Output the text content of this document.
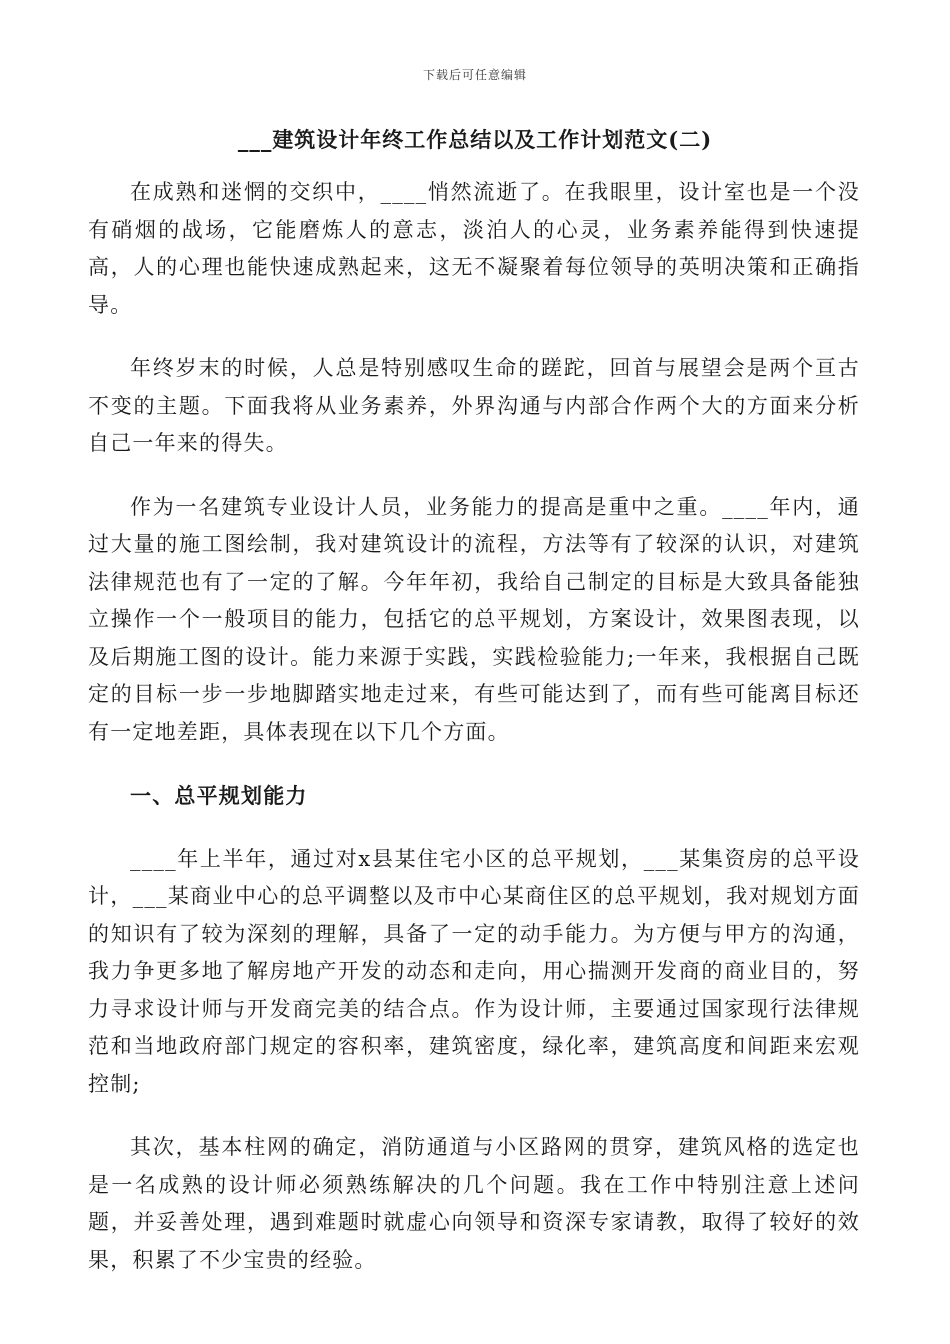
下载后可任意编辑
___建筑设计年终工作总结以及工作计划范文(二)

在成熟和迷惘的交织中，____悄然流逝了。在我眼里，设计室也是一个没有硝烟的战场，它能磨炼人的意志，淡泊人的心灵，业务素养能得到快速提高，人的心理也能快速成熟起来，这无不凝聚着每位领导的英明决策和正确指导。

年终岁末的时候，人总是特别感叹生命的蹉跎，回首与展望会是两个亘古不变的主题。下面我将从业务素养，外界沟通与内部合作两个大的方面来分析自己一年来的得失。

作为一名建筑专业设计人员，业务能力的提高是重中之重。____年内，通过大量的施工图绘制，我对建筑设计的流程，方法等有了较深的认识，对建筑法律规范也有了一定的了解。今年年初，我给自己制定的目标是大致具备能独立操作一个一般项目的能力，包括它的总平规划，方案设计，效果图表现，以及后期施工图的设计。能力来源于实践，实践检验能力;一年来，我根据自己既定的目标一步一步地脚踏实地走过来，有些可能达到了，而有些可能离目标还有一定地差距，具体表现在以下几个方面。

一、总平规划能力

____年上半年，通过对x县某住宅小区的总平规划，___某集资房的总平设计，___某商业中心的总平调整以及市中心某商住区的总平规划，我对规划方面的知识有了较为深刻的理解，具备了一定的动手能力。为方便与甲方的沟通，我力争更多地了解房地产开发的动态和走向，用心揣测开发商的商业目的，努力寻求设计师与开发商完美的结合点。作为设计师，主要通过国家现行法律规范和当地政府部门规定的容积率，建筑密度，绿化率，建筑高度和间距来宏观控制;

其次，基本柱网的确定，消防通道与小区路网的贯穿，建筑风格的选定也是一名成熟的设计师必须熟练解决的几个问题。我在工作中特别注意上述问题，并妥善处理，遇到难题时就虚心向领导和资深专家请教，取得了较好的效果，积累了不少宝贵的经验。
